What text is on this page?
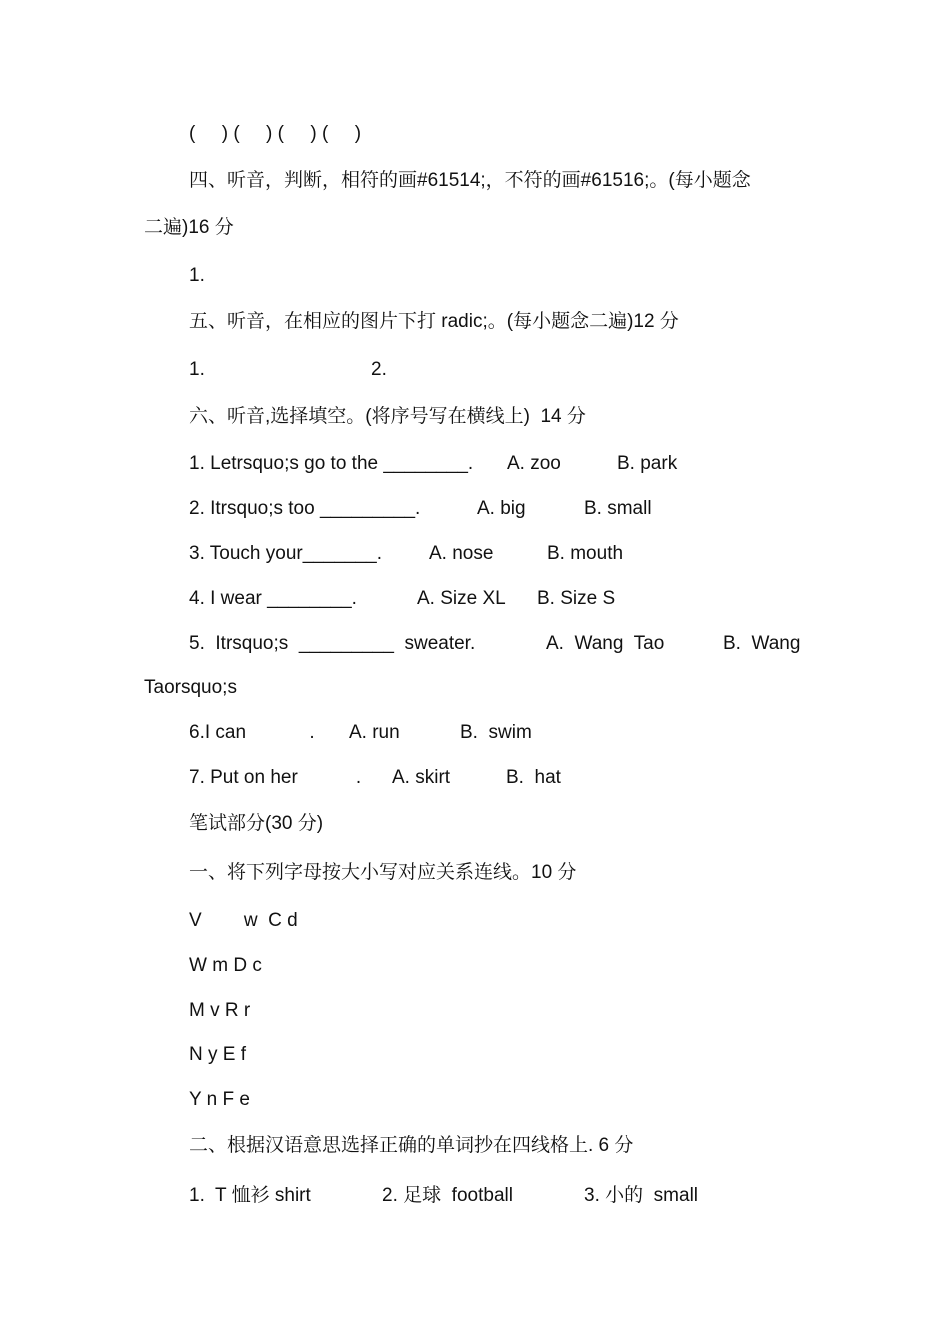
(     ) (     ) (     ) (     )
四、听音，判断，相符的画#61514;，不符的画#61516;。(每小题念
二遍)16 分
1.
五、听音，在相应的图片下打 radic;。(每小题念二遍)12 分
1.	2.
六、听音,选择填空。(将序号写在横线上)  14 分
1. Letrsquo;s go to the ________. A. zoo	B. park
2. Itrsquo;s too _________.	A. big	B. small
3. Touch your_______. A. nose	B. mouth
4. I wear ________.	A. Size XL B. Size S
5.  Itrsquo;s  _________  sweater.	A.  Wang  Tao	B.  Wang
Taorsquo;s
6.I can            . A. run	B.  swim
7. Put on her           . A. skirt	B.  hat
笔试部分(30 分)
一、将下列字母按大小写对应关系连线。10 分
V        w  C d
W m D c
M v R r
N y E f
Y n F e
二、根据汉语意思选择正确的单词抄在四线格上. 6 分
1.  T 恤衫 shirt	2. 足球  football	3. 小的  small
